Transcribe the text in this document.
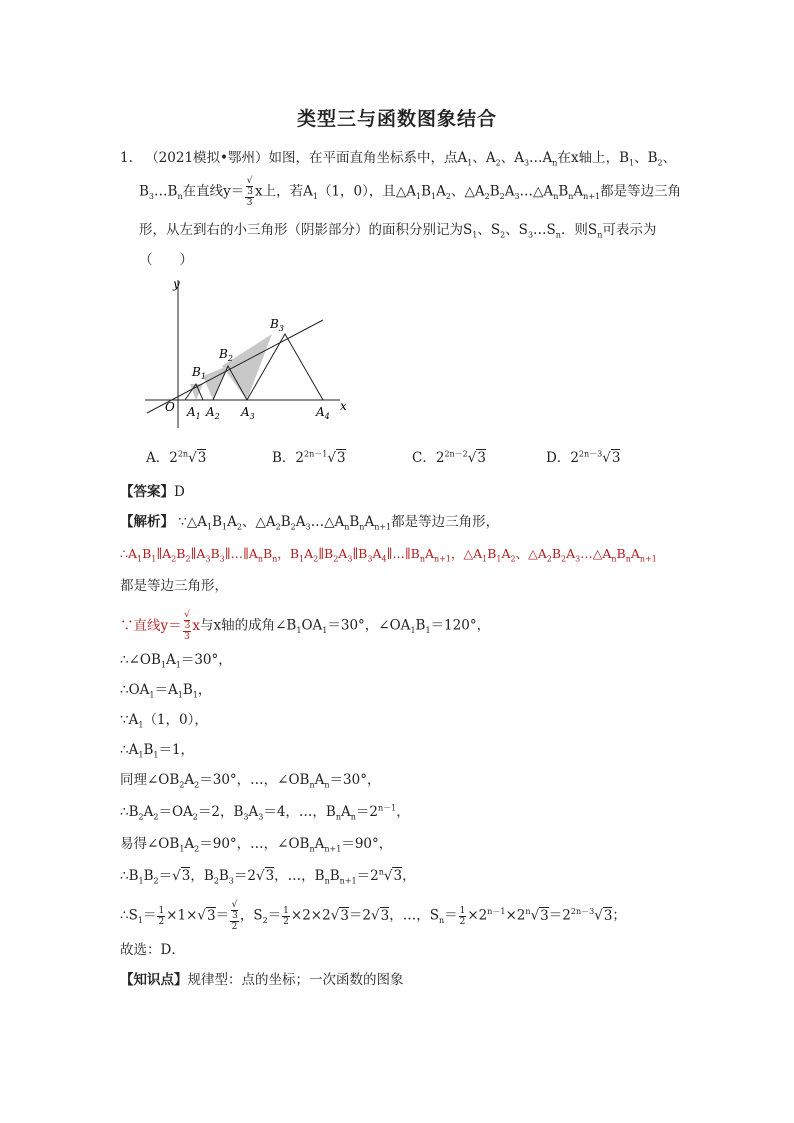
类型三与函数图象结合
1. （2021模拟•鄂州）如图，在平面直角坐标系中，点$A_1$、$A_2$、$A_3\dots A_n$在x轴上，$B_1$、$B_2$、
$B_3\dots B_n$在直线y＝ √
3
3 x上，若$A_1(1$，0），且$\triangle A_1B_1A_2$、$\triangle A_2B_2A_3\dots\triangle A_nB_nA_{n+1}$都是等边三角
形，从左到右的小三角形（阴影部分）的面积分别记为$S_1$、$S_2$、$S_3\dots S_n$．则$S_n$可表示为
（　　）
y
x
O $A_1$ $A_2$ $A_3$	$A_4$
$B_1$
$B_2$
$B_3$
A．$2^{2n}√3$	B．$2^{2n-1}√3$	C．$2^{2n-2}√3$	D．$2^{2n-3}√3$
【答案】D
【解析】 $\because\triangle A_1B_1A_2$、$\triangle A_2B_2A_3\dots\triangle A_nB_nA_{n+1}$都是等边三角形，
$\therefore A_1B_1\parallel A_2B_2\parallel A_3B_3\parallel\dots\parallel A_nB_n$，$B_1A_2\parallel B_2A_3\parallel B_3A_4\parallel\dots\parallel B_nA_{n+1}$，$\triangle A_1B_1A_2$、$\triangle A_2B_2A_3\dots\triangle A_nB_nA_{n+1}$
都是等边三角形，
∵直线y＝ √
3
3 x与x轴的成角$\angle B_1OA_1=30^\circ$，$\angle OA_1B_1=120^\circ$，
$\therefore\angle OB_1A_1=30^\circ$，
$\therefore OA_1=A_1B_1$，
$\because A_1(1$，0），
$\therefore A_1B_1=1$，
同理$\angle OB_2A_2=30^\circ$，…，$\angle OB_nA_n=30^\circ$，
$\therefore B_2A_2=OA_2=2$，$B_3A_3=4$，…，$B_nA_n=2^{n-1}$，
易得$\angle OB_1A_2=90^\circ$，…，$\angle OB_nA_{n+1}=90^\circ$，
$\therefore B_1B_2=√3$，$B_2B_3=2√3$，…，$B_nB_{n+1}=2^n√3$，
$\therefore S_1= \frac{1}{2} \times 1\times√3=$ √
3
2 ，$S_2= \frac{1}{2} \times 2\times 2√3=2√3$，…，$S_n= \frac{1}{2} \times 2^{n-1}\times 2^n√3=2^{2n-3}√3$；
故选：D．
【知识点】规律型：点的坐标；一次函数的图象
